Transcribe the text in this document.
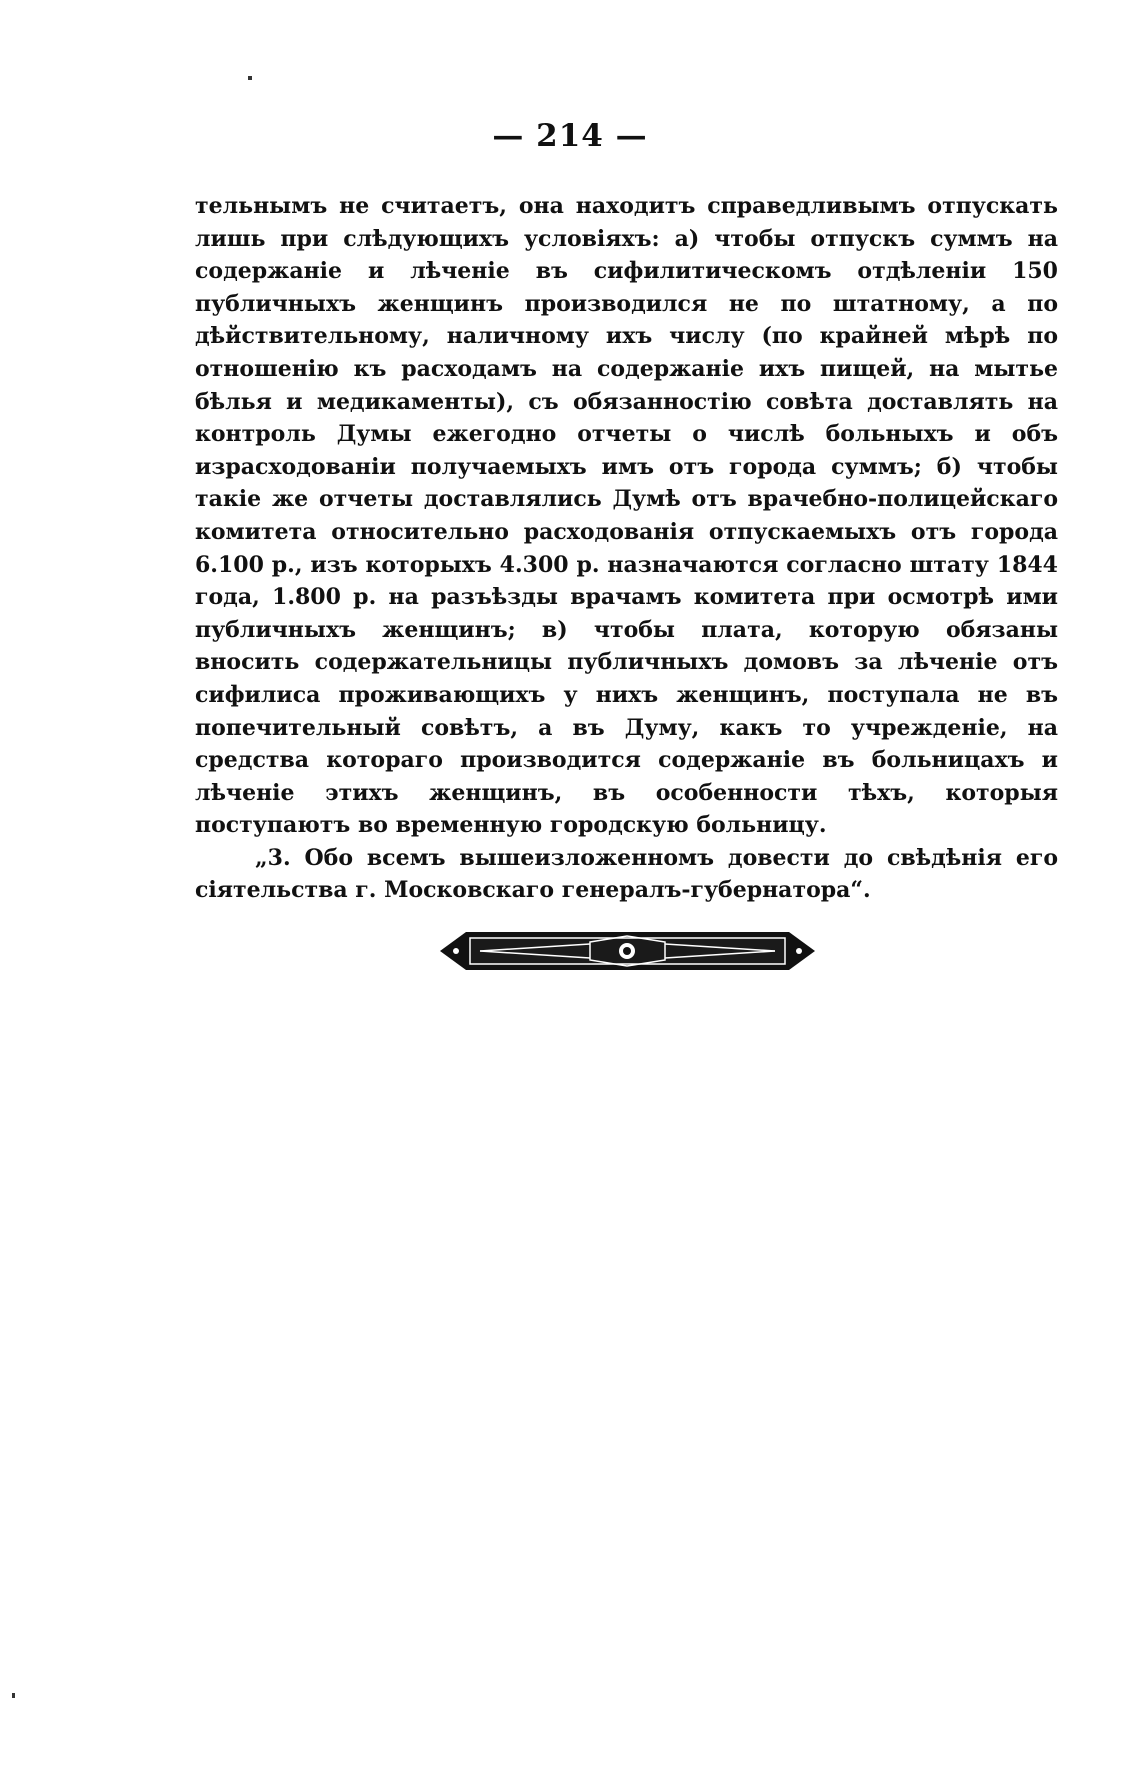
— 214 —

тельнымъ не считаетъ, она находитъ справедливымъ отпускать лишь при слѣдующихъ условіяхъ: а) чтобы отпускъ суммъ на содержаніе и лѣченіе въ сифилитическомъ отдѣленіи 150 публичныхъ женщинъ производился не по штатному, а по дѣйствительному, наличному ихъ числу (по крайней мѣрѣ по отношенію къ расходамъ на содержаніе ихъ пищей, на мытье бѣлья и медикаменты), съ обязанностію совѣта доставлять на контроль Думы ежегодно отчеты о числѣ больныхъ и объ израсходованіи получаемыхъ имъ отъ города суммъ; б) чтобы такіе же отчеты доставлялись Думѣ отъ врачебно-полицейскаго комитета относительно расходованія отпускаемыхъ отъ города 6.100 р., изъ которыхъ 4.300 р. назначаются согласно штату 1844 года, 1.800 р. на разъѣзды врачамъ комитета при осмотрѣ ими публичныхъ женщинъ; в) чтобы плата, которую обязаны вносить содержательницы публичныхъ домовъ за лѣченіе отъ сифилиса проживающихъ у нихъ женщинъ, поступала не въ попечительный совѣтъ, а въ Думу, какъ то учрежденіе, на средства котораго производится содержаніе въ больницахъ и лѣченіе этихъ женщинъ, въ особенности тѣхъ, которыя поступаютъ во временную городскую больницу.

„3. Обо всемъ вышеизложенномъ довести до свѣдѣнія его сіятельства г. Московскаго генералъ-губернатора“.
